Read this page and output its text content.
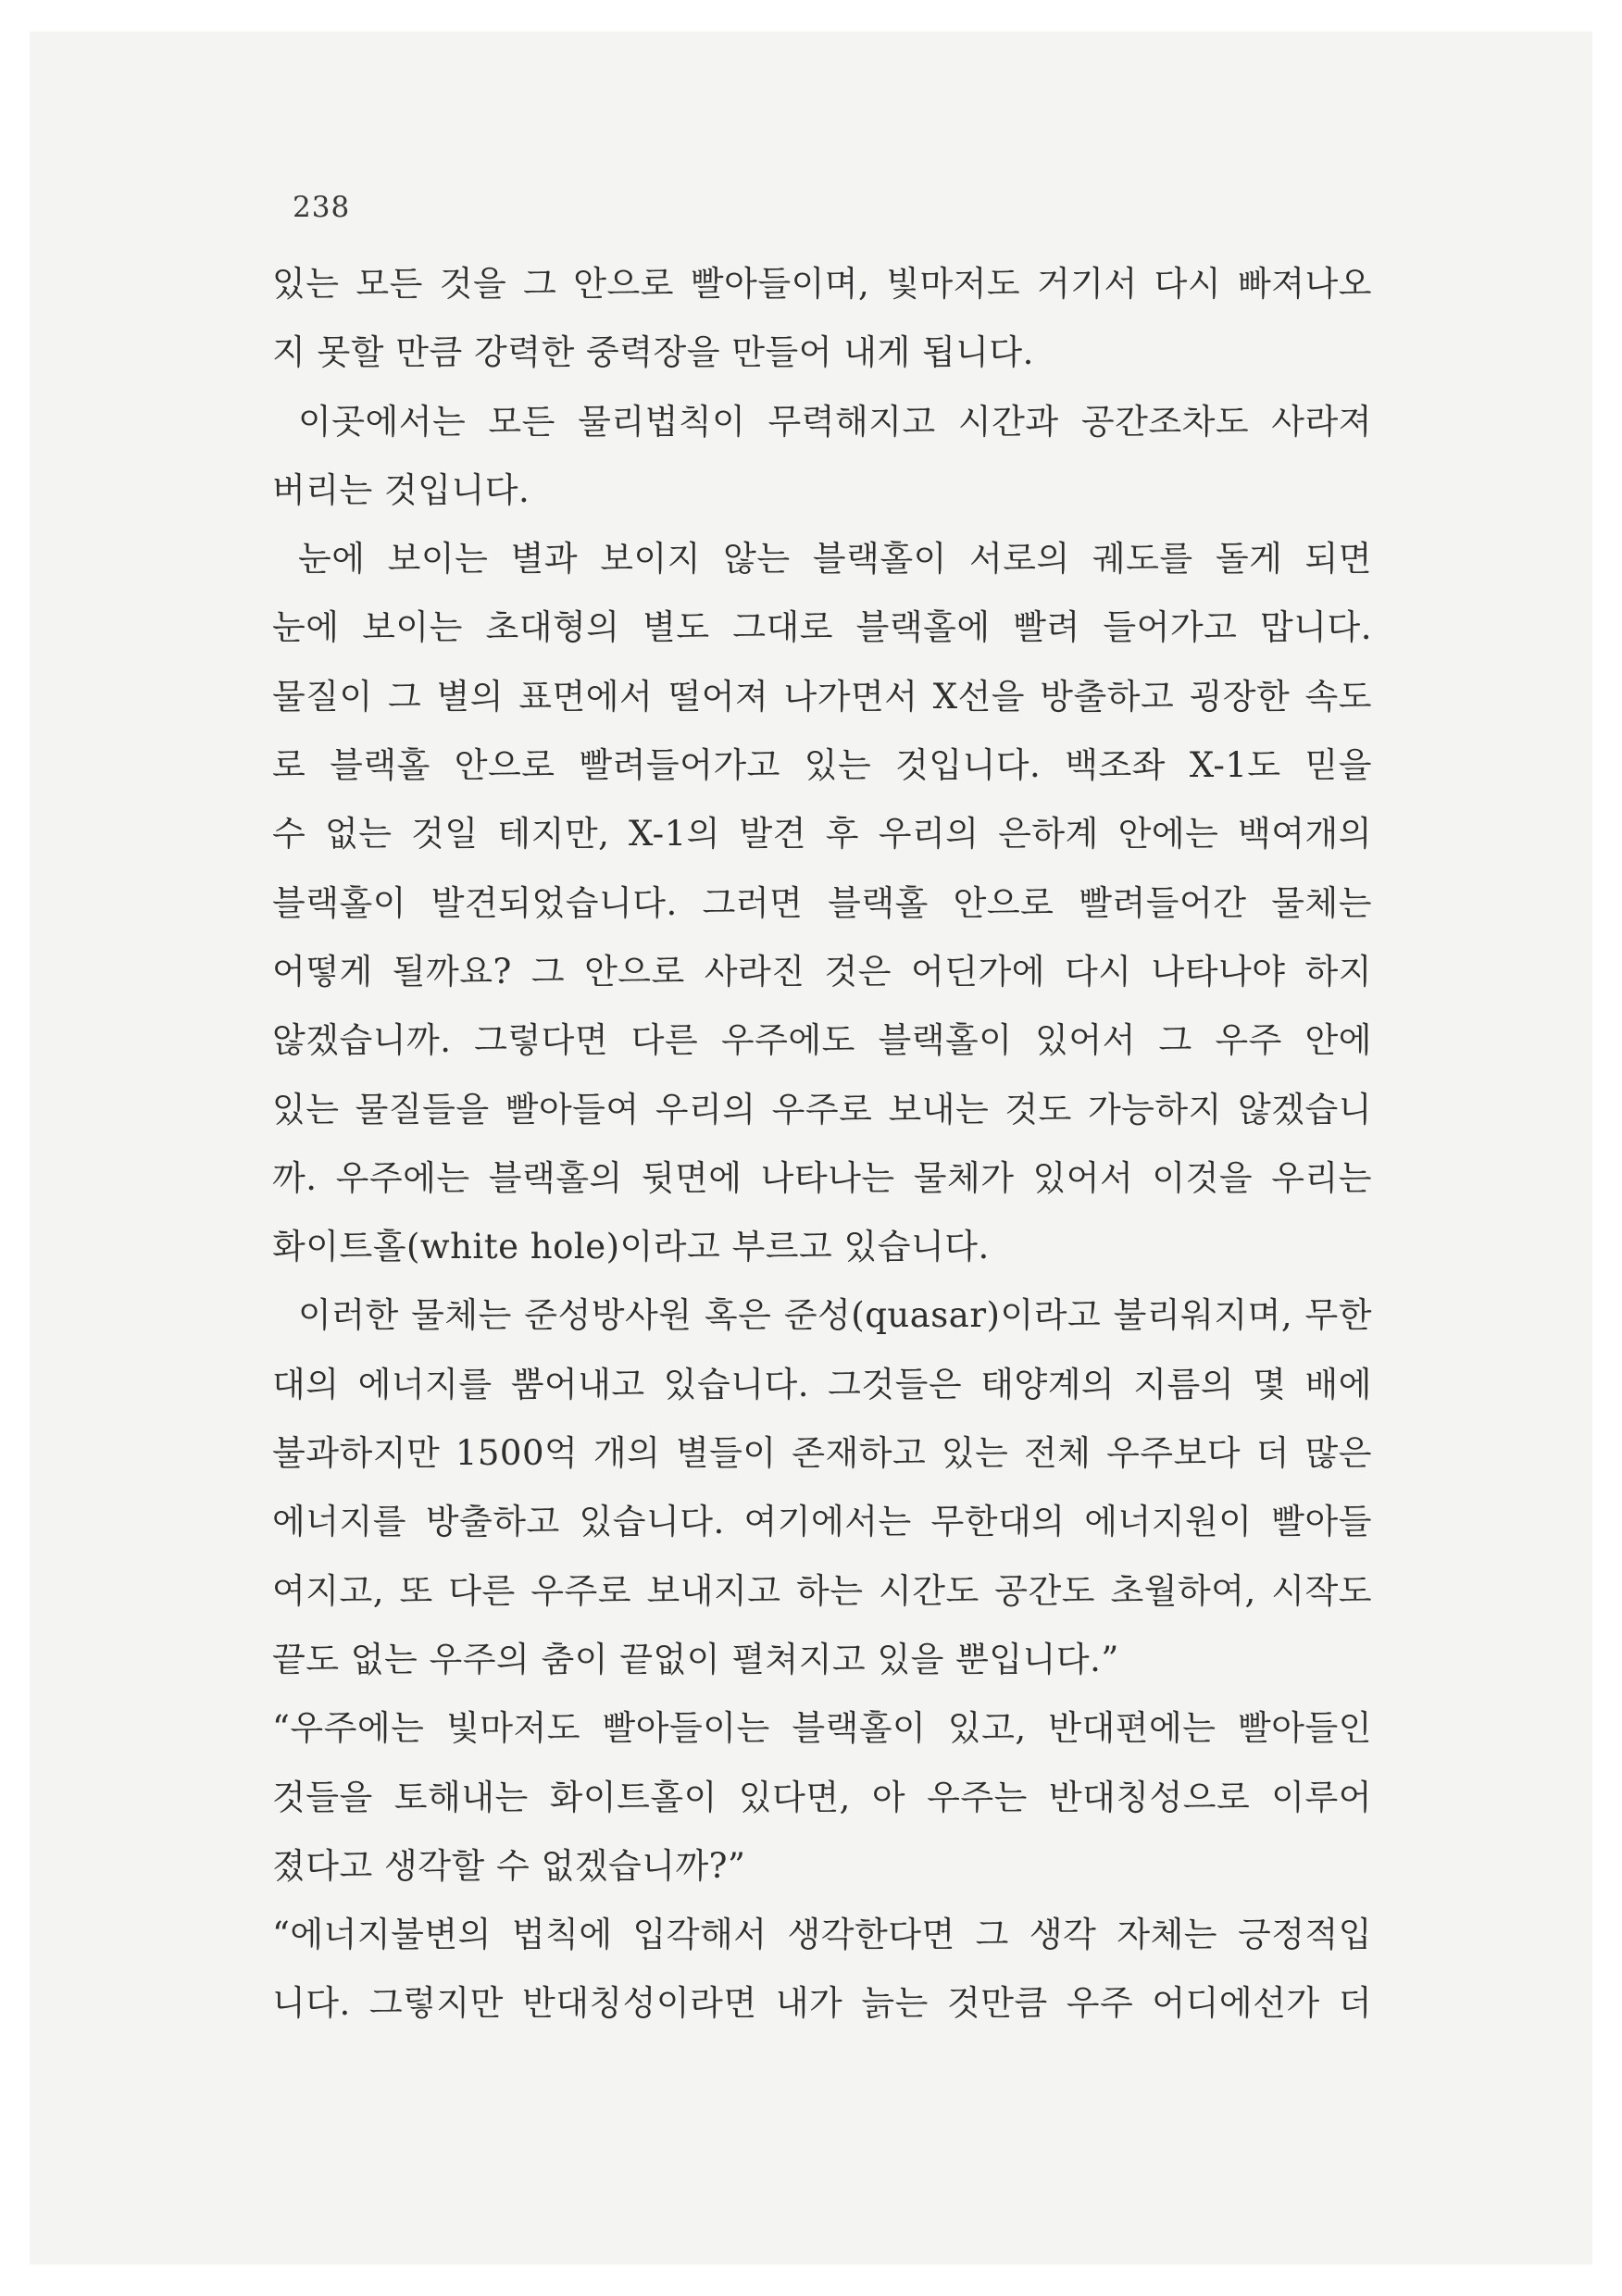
238
있는 모든 것을 그 안으로 빨아들이며, 빛마저도 거기서 다시 빠져나오
지 못할 만큼 강력한 중력장을 만들어 내게 됩니다.
이곳에서는 모든 물리법칙이 무력해지고 시간과 공간조차도 사라져
버리는 것입니다.
눈에 보이는 별과 보이지 않는 블랙홀이 서로의 궤도를 돌게 되면
눈에 보이는 초대형의 별도 그대로 블랙홀에 빨려 들어가고 맙니다.
물질이 그 별의 표면에서 떨어져 나가면서 X선을 방출하고 굉장한 속도
로 블랙홀 안으로 빨려들어가고 있는 것입니다. 백조좌 X-1도 믿을
수 없는 것일 테지만, X-1의 발견 후 우리의 은하계 안에는 백여개의
블랙홀이 발견되었습니다. 그러면 블랙홀 안으로 빨려들어간 물체는
어떻게 될까요? 그 안으로 사라진 것은 어딘가에 다시 나타나야 하지
않겠습니까. 그렇다면 다른 우주에도 블랙홀이 있어서 그 우주 안에
있는 물질들을 빨아들여 우리의 우주로 보내는 것도 가능하지 않겠습니
까. 우주에는 블랙홀의 뒷면에 나타나는 물체가 있어서 이것을 우리는
화이트홀(white hole)이라고 부르고 있습니다.
이러한 물체는 준성방사원 혹은 준성(quasar)이라고 불리워지며, 무한
대의 에너지를 뿜어내고 있습니다. 그것들은 태양계의 지름의 몇 배에
불과하지만 1500억 개의 별들이 존재하고 있는 전체 우주보다 더 많은
에너지를 방출하고 있습니다. 여기에서는 무한대의 에너지원이 빨아들
여지고, 또 다른 우주로 보내지고 하는 시간도 공간도 초월하여, 시작도
끝도 없는 우주의 춤이 끝없이 펼쳐지고 있을 뿐입니다.”
“우주에는 빛마저도 빨아들이는 블랙홀이 있고, 반대편에는 빨아들인
것들을 토해내는 화이트홀이 있다면, 아 우주는 반대칭성으로 이루어
졌다고 생각할 수 없겠습니까?”
“에너지불변의 법칙에 입각해서 생각한다면 그 생각 자체는 긍정적입
니다. 그렇지만 반대칭성이라면 내가 늙는 것만큼 우주 어디에선가 더
